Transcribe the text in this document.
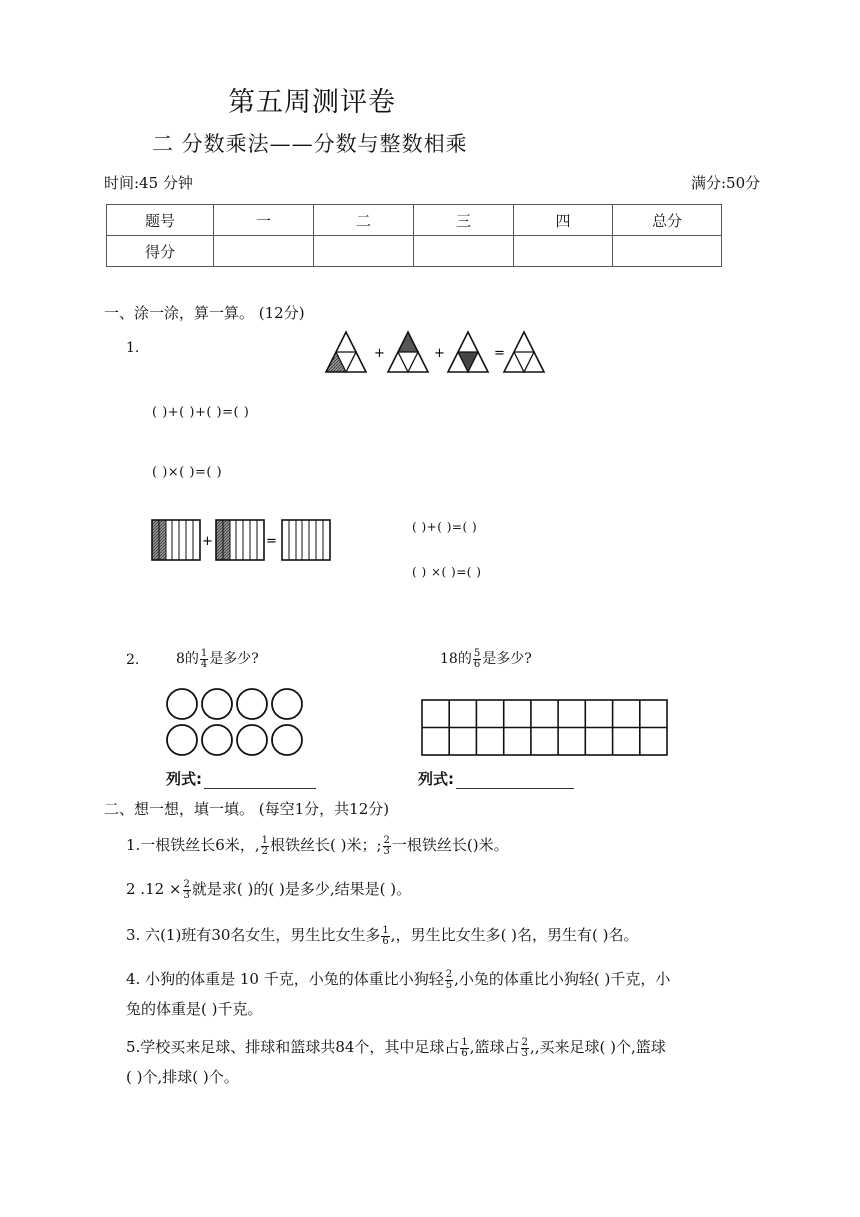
第五周测评卷
二 分数乘法——分数与整数相乘
时间:45 分钟	满分:50分
题号	一	二	三	四	总分
得分					
一、涂一涂，算一算。 (12分)
1.	+	+	=
( )+( )+( )=( )
( )×( )=( )
+	=
( )+( )=( )
( ) ×( )=( )
2.	8的 $\frac{1}{4}$ 是多少?	18的 $\frac{5}{6}$ 是多少?
列式:	列式:
二、想一想，填一填。 (每空1分，共12分)
1.一根铁丝长6米，, $\frac{1}{2}$ 根铁丝长( )米；; $\frac{2}{3}$ 一根铁丝长()米。
2 $.12 \times \frac{2}{3}$ 就是求( )的( )是多少,结果是( )。
3. 六(1)班有30名女生，男生比女生多 $\frac{1}{6}$ ,，男生比女生多( )名，男生有( )名。
4. 小狗的体重是 10 千克，小兔的体重比小狗轻 $\frac{2}{5}$ ,小兔的体重比小狗轻( )千克，小
兔的体重是( )千克。
5.学校买来足球、排球和篮球共84个，其中足球占 $\frac{1}{6}$ ,篮球占 $\frac{2}{3}$ ,,买来足球( )个,篮球
( )个,排球( )个。
